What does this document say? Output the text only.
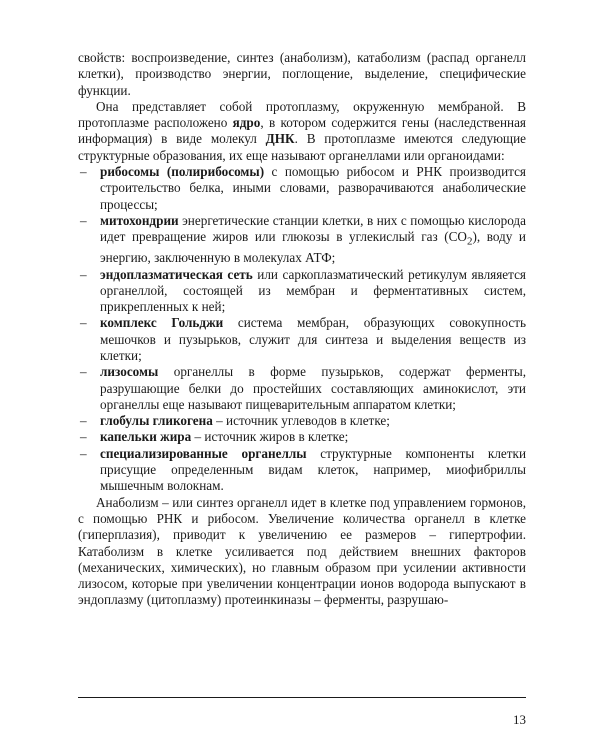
свойств: воспроизведение, синтез (анаболизм), катаболизм (распад органелл клетки), производство энергии, поглощение, выделение, специфические функции.

Она представляет собой протоплазму, окруженную мембраной. В протоплазме расположено ядро, в котором содержится гены (наследственная информация) в виде молекул ДНК. В протоплазме имеются следующие структурные образования, их еще называют органеллами или органоидами:

– рибосомы (полирибосомы) с помощью рибосом и РНК производится строительство белка, иными словами, разворачиваются анаболические процессы;
– митохондрии энергетические станции клетки, в них с помощью кислорода идет превращение жиров или глюкозы в углекислый газ $(CO_2)$, воду и энергию, заключенную в молекулах АТФ;
– эндоплазматическая сеть или саркоплазматический ретикулум являяется органеллой, состоящей из мембран и ферментативных систем, прикрепленных к ней;
– комплекс Гольджи система мембран, образующих совокупность мешочков и пузырьков, служит для синтеза и выделения веществ из клетки;
– лизосомы органеллы в форме пузырьков, содержат ферменты, разрушающие белки до простейших составляющих аминокислот, эти органеллы еще называют пищеварительным аппаратом клетки;
– глобулы гликогена – источник углеводов в клетке;
– капельки жира – источник жиров в клетке;
– специализированные органеллы структурные компоненты клетки присущие определенным видам клеток, например, миофибриллы мышечным волокнам.

Анаболизм – или синтез органелл идет в клетке под управлением гормонов, с помощью РНК и рибосом. Увеличение количества органелл в клетке (гиперплазия), приводит к увеличению ее размеров – гипертрофии. Катаболизм в клетке усиливается под действием внешних факторов (механических, химических), но главным образом при усилении активности лизосом, которые при увеличении концентрации ионов водорода выпускают в эндоплазму (цитоплазму) протеинкиназы – ферменты, разрушаю-

13
